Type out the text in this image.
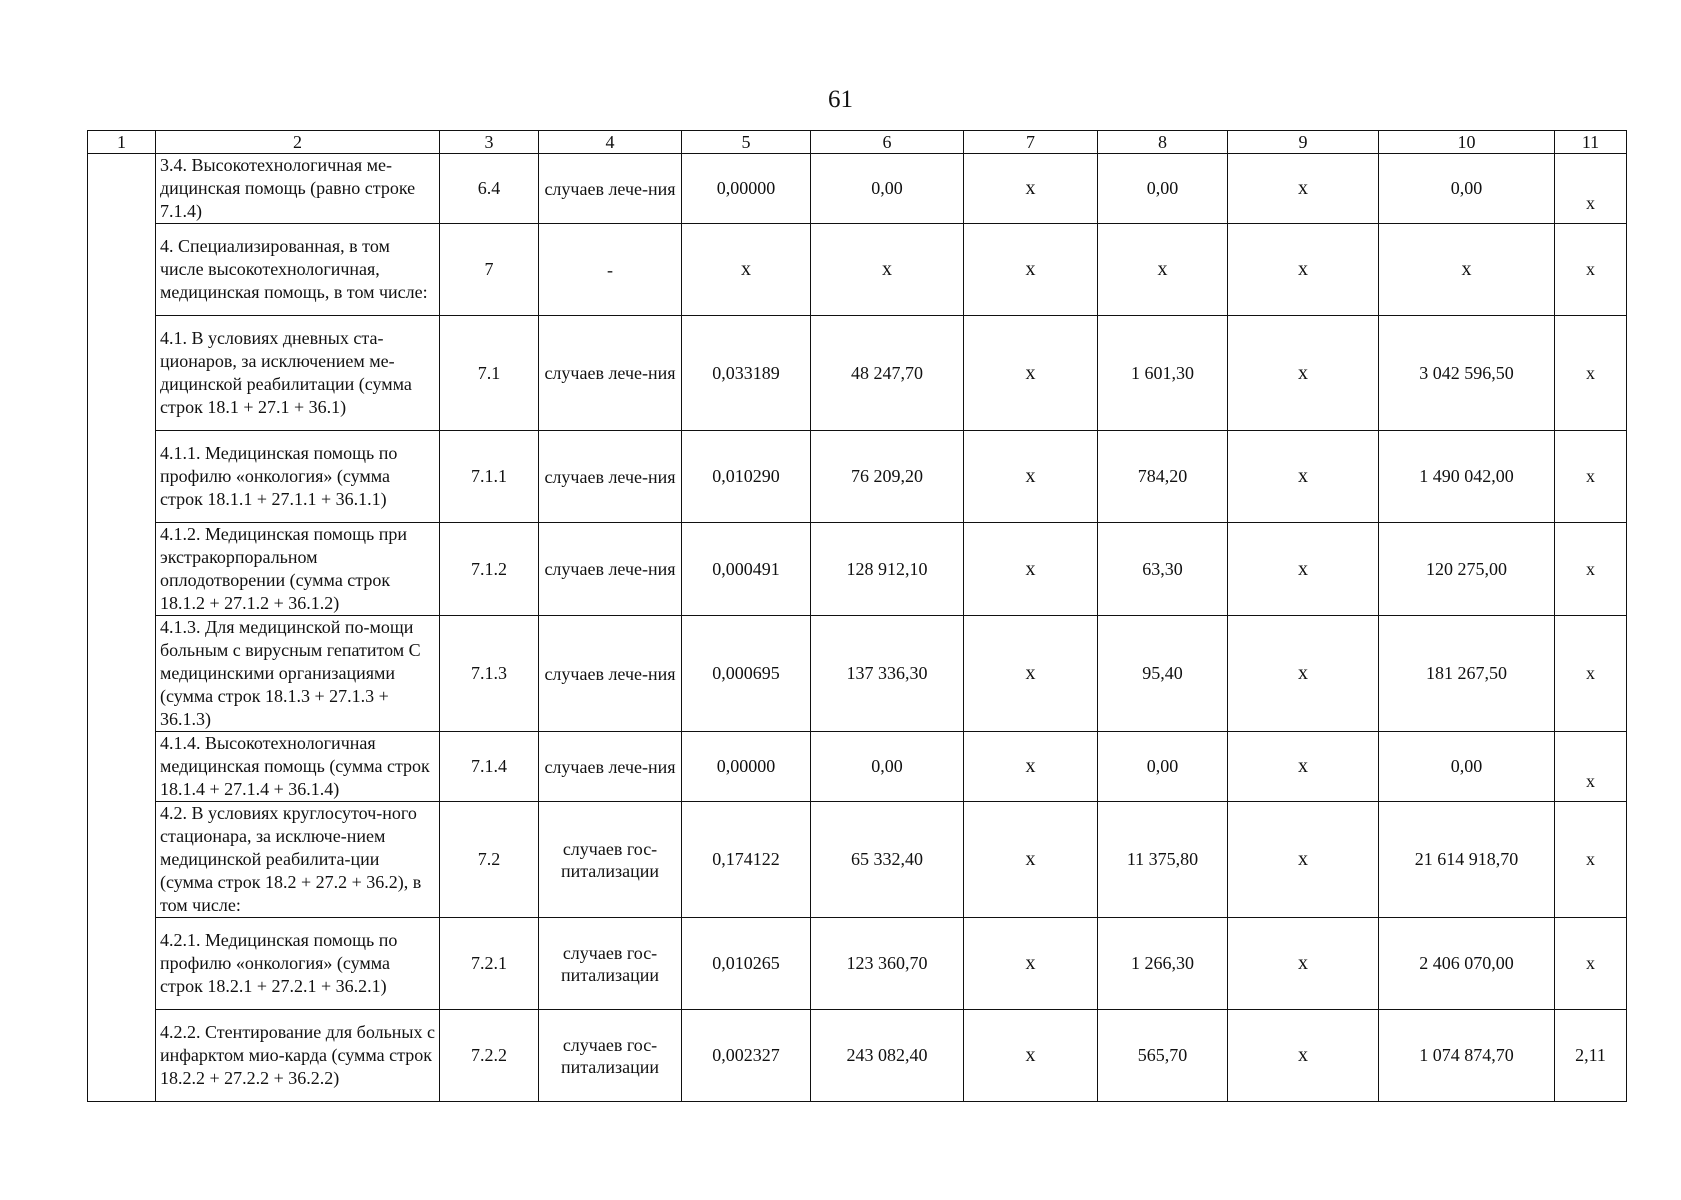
61
1	2	3	4	5	6	7	8	9	10	11
	3.4. Высокотехнологичная ме-дицинская помощь (равно строке 7.1.4)	6.4	случаев лече-ния	0,00000	0,00	х	0,00	х	0,00	х
	4. Специализированная, в том числе высокотехнологичная, медицинская помощь, в том числе:	7	-	х	х	х	х	х	х	х
	4.1. В условиях дневных ста-ционаров, за исключением ме-дицинской реабилитации (сумма строк 18.1 + 27.1 + 36.1)	7.1	случаев лече-ния	0,033189	48 247,70	х	1 601,30	х	3 042 596,50	х
	4.1.1. Медицинская помощь по профилю «онкология» (сумма строк 18.1.1 + 27.1.1 + 36.1.1)	7.1.1	случаев лече-ния	0,010290	76 209,20	х	784,20	х	1 490 042,00	х
	4.1.2. Медицинская помощь при экстракорпоральном оплодотворении (сумма строк 18.1.2 + 27.1.2 + 36.1.2)	7.1.2	случаев лече-ния	0,000491	128 912,10	х	63,30	х	120 275,00	х
	4.1.3. Для медицинской по-мощи больным с вирусным гепатитом С медицинскими организациями (сумма строк 18.1.3 + 27.1.3 + 36.1.3)	7.1.3	случаев лече-ния	0,000695	137 336,30	х	95,40	х	181 267,50	х
	4.1.4. Высокотехнологичная медицинская помощь (сумма строк 18.1.4 + 27.1.4 + 36.1.4)	7.1.4	случаев лече-ния	0,00000	0,00	х	0,00	х	0,00	х
	4.2. В условиях круглосуточ-ного стационара, за исключе-нием медицинской реабилита-ции (сумма строк 18.2 + 27.2 + 36.2), в том числе:	7.2	случаев гос-питализации	0,174122	65 332,40	х	11 375,80	х	21 614 918,70	х
	4.2.1. Медицинская помощь по профилю «онкология» (сумма строк 18.2.1 + 27.2.1 + 36.2.1)	7.2.1	случаев гос-питализации	0,010265	123 360,70	х	1 266,30	х	2 406 070,00	х
	4.2.2. Стентирование для больных с инфарктом мио-карда (сумма строк 18.2.2 + 27.2.2 + 36.2.2)	7.2.2	случаев гос-питализации	0,002327	243 082,40	х	565,70	х	1 074 874,70	2,11
